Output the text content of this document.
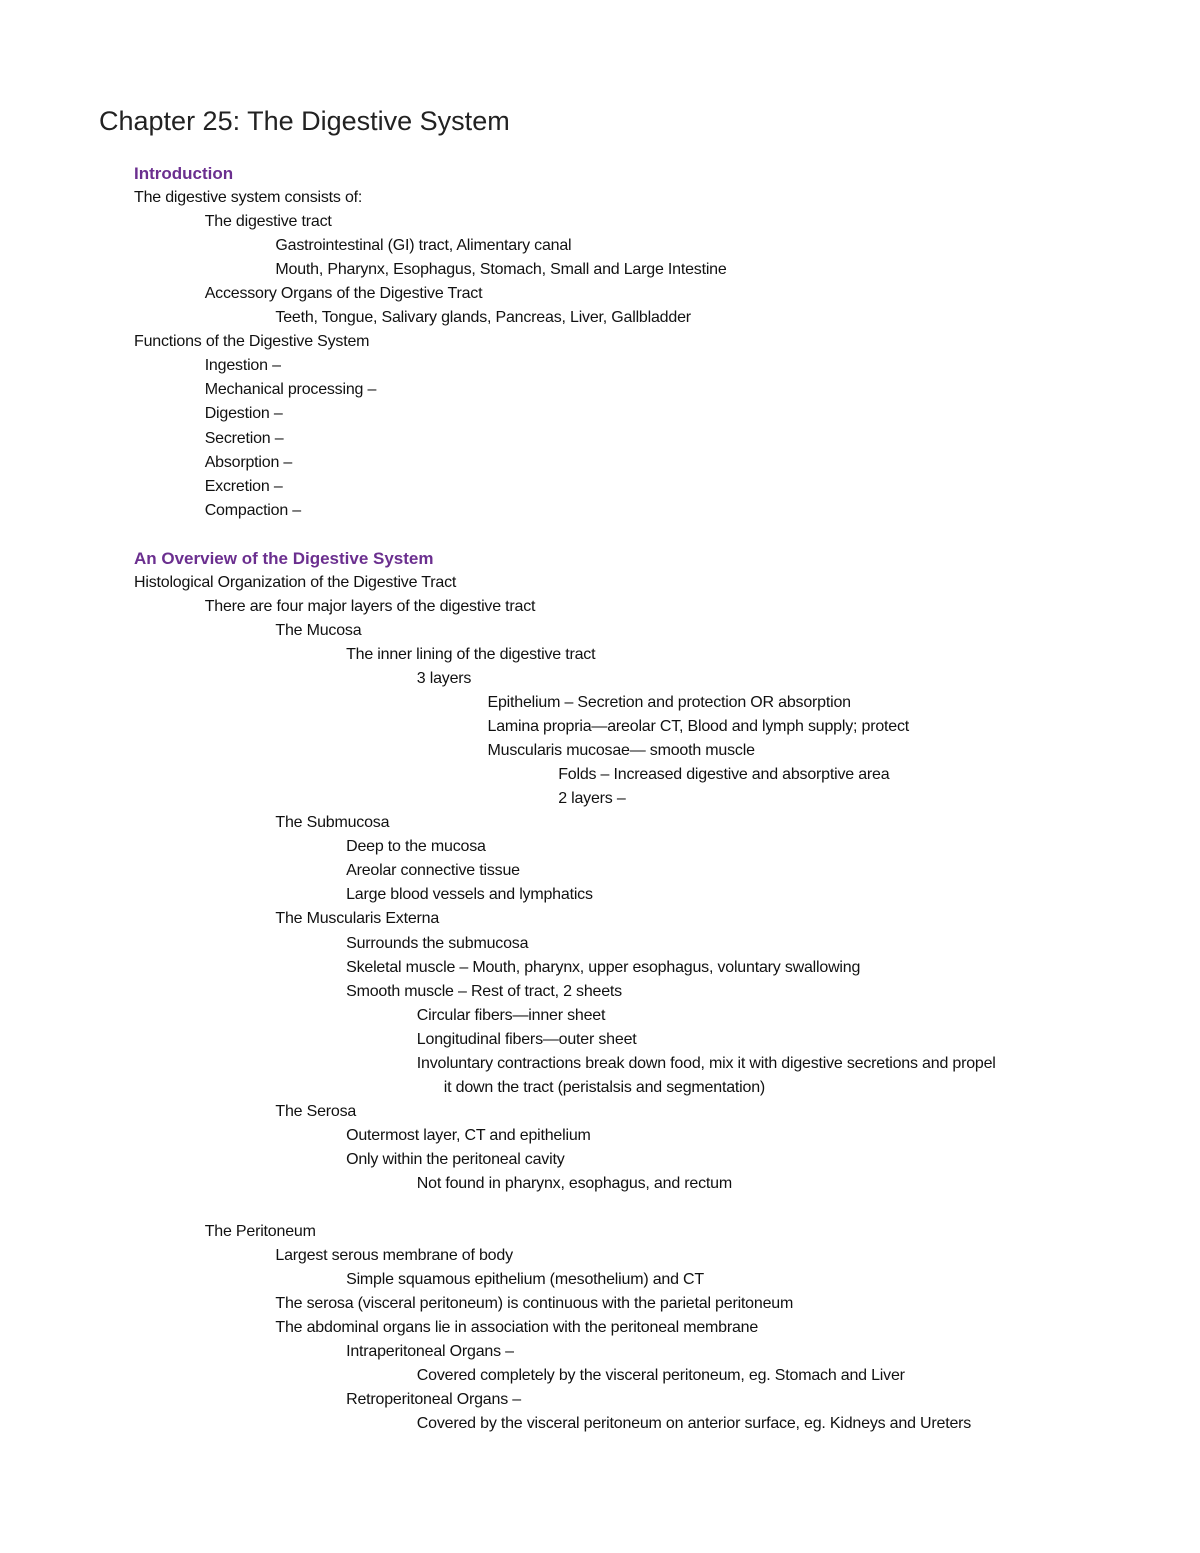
Chapter 25: The Digestive System
Introduction
The digestive system consists of:
The digestive tract
Gastrointestinal (GI) tract, Alimentary canal
Mouth, Pharynx, Esophagus, Stomach, Small and Large Intestine
Accessory Organs of the Digestive Tract
Teeth, Tongue, Salivary glands, Pancreas, Liver, Gallbladder
Functions of the Digestive System
Ingestion –
Mechanical processing –
Digestion –
Secretion –
Absorption –
Excretion –
Compaction –
An Overview of the Digestive System
Histological Organization of the Digestive Tract
There are four major layers of the digestive tract
The Mucosa
The inner lining of the digestive tract
3 layers
Epithelium – Secretion and protection OR absorption
Lamina propria—areolar CT, Blood and lymph supply; protect
Muscularis mucosae— smooth muscle
Folds – Increased digestive and absorptive area
2 layers –
The Submucosa
Deep to the mucosa
Areolar connective tissue
Large blood vessels and lymphatics
The Muscularis Externa
Surrounds the submucosa
Skeletal muscle – Mouth, pharynx, upper esophagus, voluntary swallowing
Smooth muscle – Rest of tract, 2 sheets
Circular fibers—inner sheet
Longitudinal fibers—outer sheet
Involuntary contractions break down food, mix it with digestive secretions and propel
it down the tract (peristalsis and segmentation)
The Serosa
Outermost layer, CT and epithelium
Only within the peritoneal cavity
Not found in pharynx, esophagus, and rectum
The Peritoneum
Largest serous membrane of body
Simple squamous epithelium (mesothelium) and CT
The serosa (visceral peritoneum) is continuous with the parietal peritoneum
The abdominal organs lie in association with the peritoneal membrane
Intraperitoneal Organs –
Covered completely by the visceral peritoneum, eg. Stomach and Liver
Retroperitoneal Organs –
Covered by the visceral peritoneum on anterior surface, eg. Kidneys and Ureters
